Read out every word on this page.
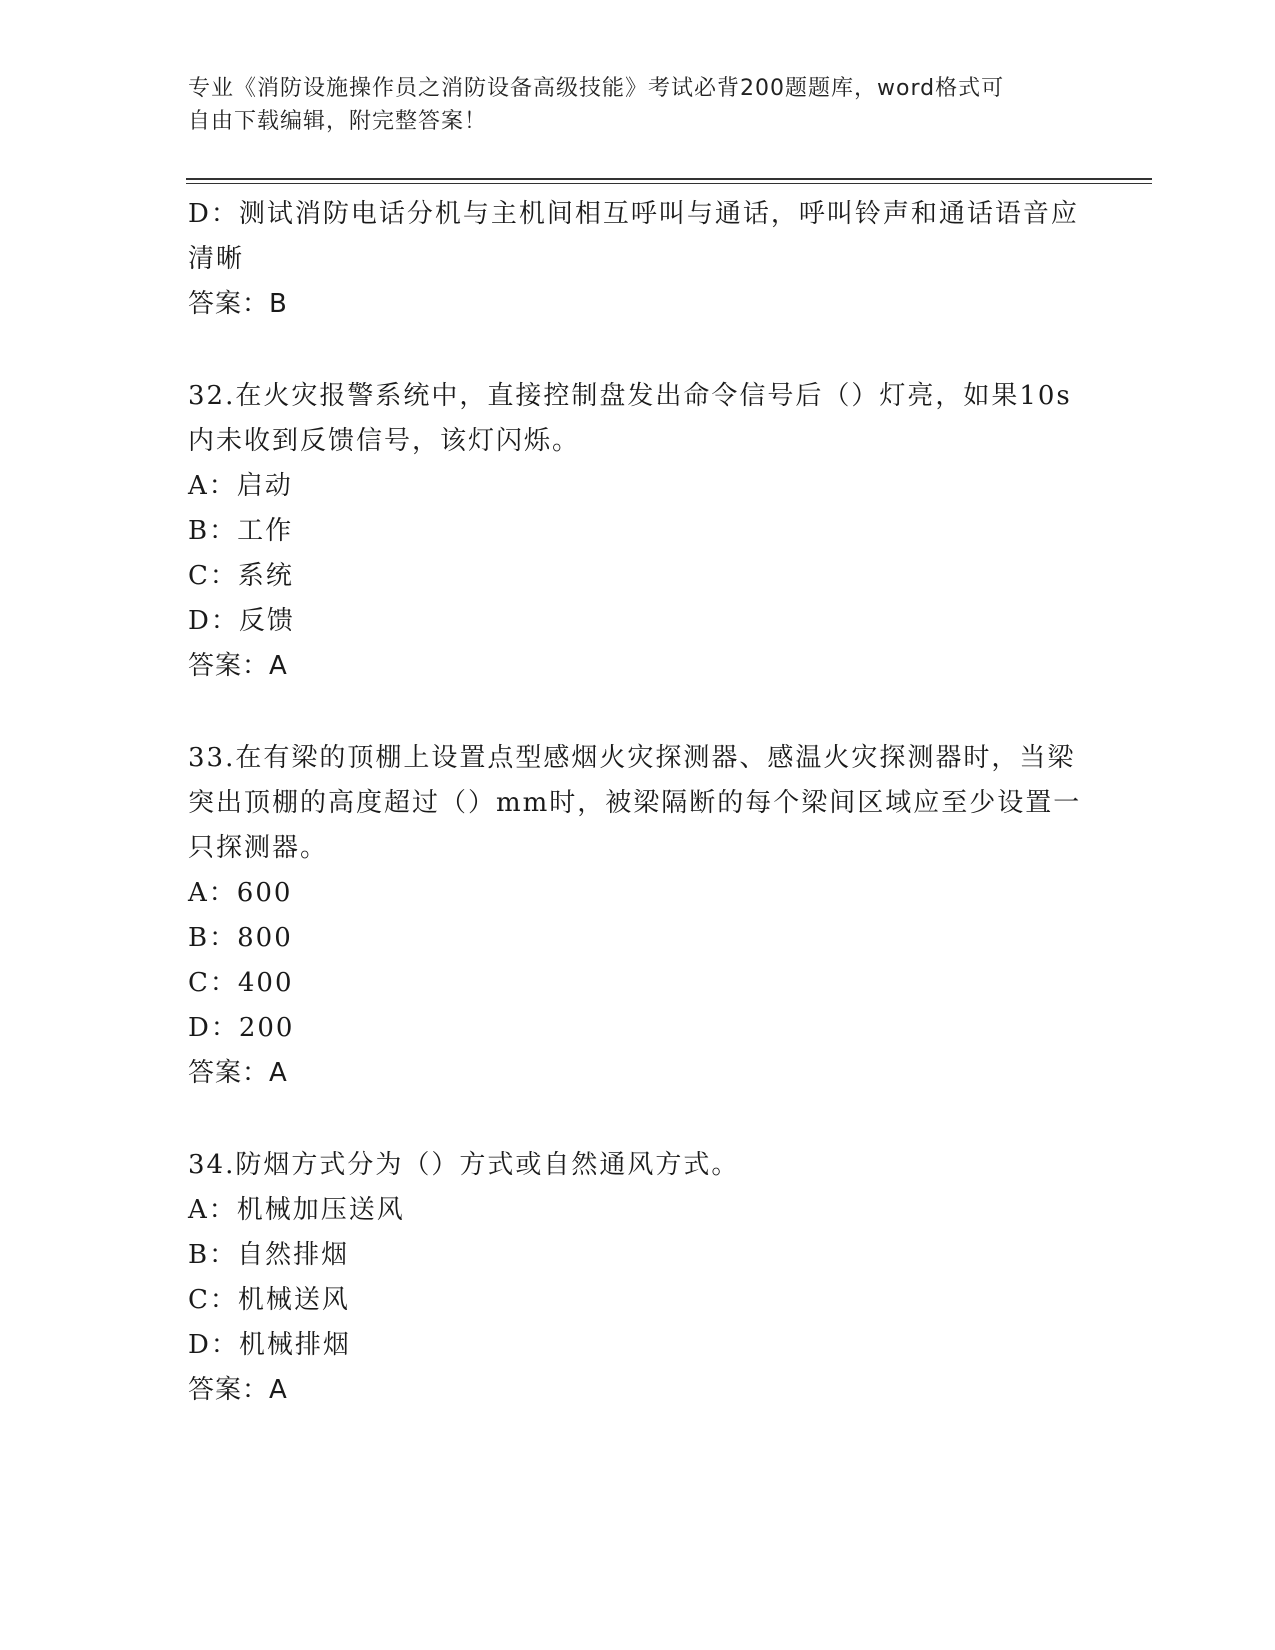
专业《消防设施操作员之消防设备高级技能》考试必背200题题库，word格式可
自由下载编辑，附完整答案！
D：测试消防电话分机与主机间相互呼叫与通话，呼叫铃声和通话语音应清晰
答案：B
32.在火灾报警系统中，直接控制盘发出命令信号后（）灯亮，如果10s内未收到反馈信号，该灯闪烁。
A：启动
B：工作
C：系统
D：反馈
答案：A
33.在有梁的顶棚上设置点型感烟火灾探测器、感温火灾探测器时，当梁突出顶棚的高度超过（）mm时，被梁隔断的每个梁间区域应至少设置一只探测器。
A：600
B：800
C：400
D：200
答案：A
34.防烟方式分为（）方式或自然通风方式。
A：机械加压送风
B：自然排烟
C：机械送风
D：机械排烟
答案：A
